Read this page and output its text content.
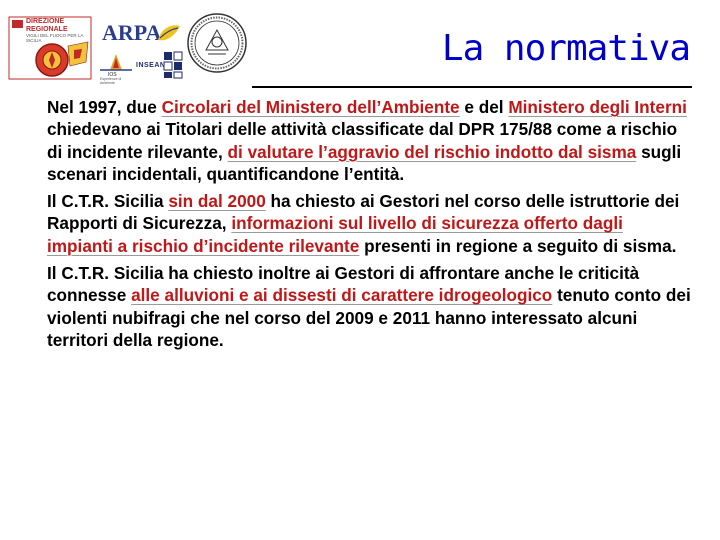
DIREZIONE REGIONALE
VIGILI DEL FUOCO PER LA SICILIA	ARPA
IOS
Esperienze di Ambiente
INSEAN	La normativa

Nel 1997, due Circolari del Ministero dell’Ambiente e del Ministero degli Interni chiedevano ai Titolari delle attività classificate dal DPR 175/88 come a rischio di incidente rilevante, di valutare l’aggravio del rischio indotto dal sisma sugli scenari incidentali, quantificandone l’entità.

Il C.T.R. Sicilia sin dal 2000 ha chiesto ai Gestori nel corso delle istruttorie dei Rapporti di Sicurezza, informazioni sul livello di sicurezza offerto dagli impianti a rischio d’incidente rilevante presenti in regione a seguito di sisma.

Il C.T.R. Sicilia ha chiesto inoltre ai Gestori di affrontare anche le criticità connesse alle alluvioni e ai dissesti di carattere idrogeologico tenuto conto dei violenti nubifragi che nel corso del 2009 e 2011 hanno interessato alcuni territori della regione.
